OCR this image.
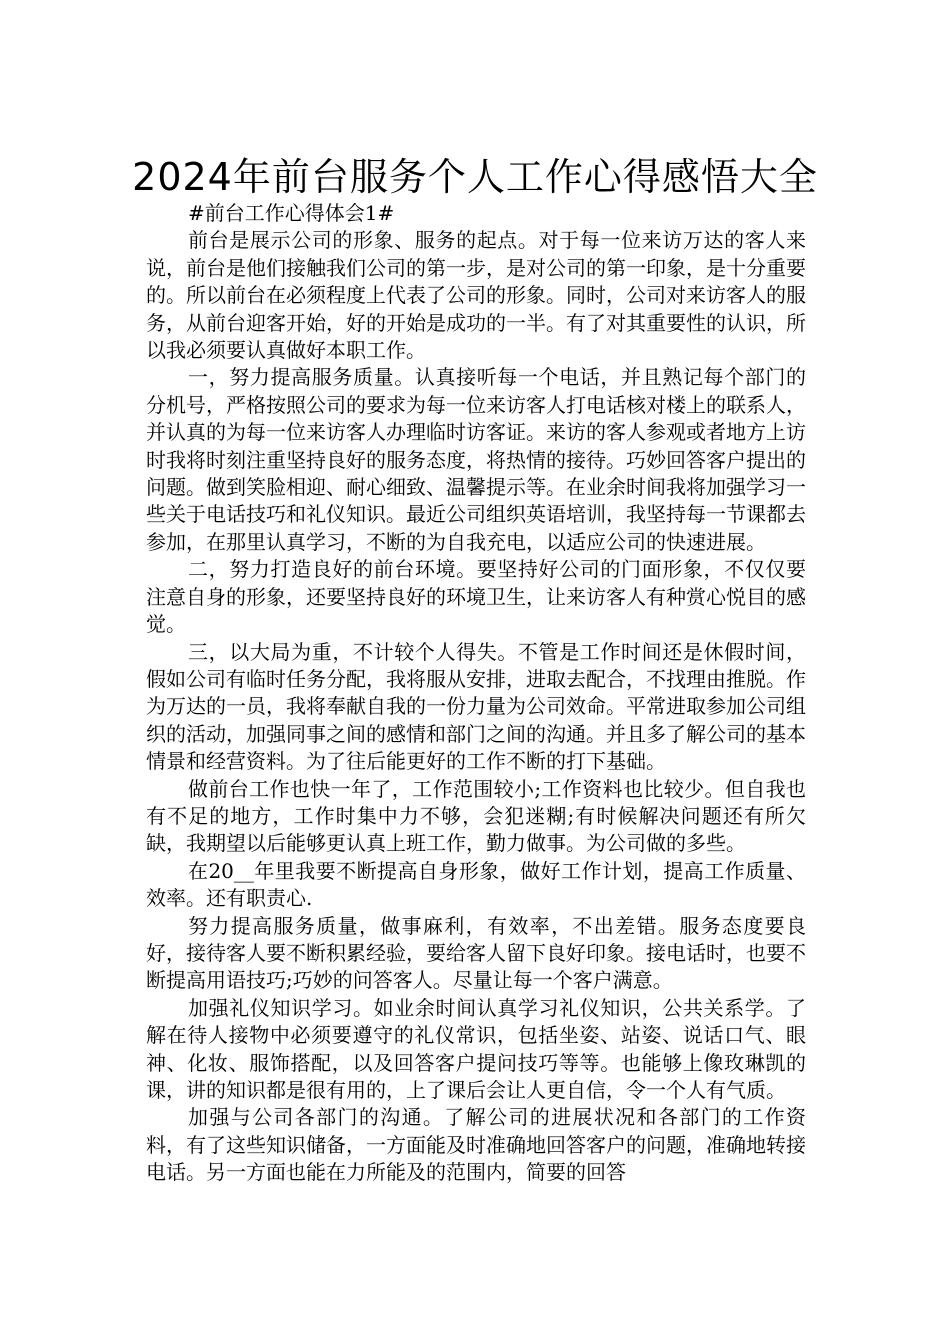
2024年前台服务个人工作心得感悟大全

#前台工作心得体会1#

前台是展示公司的形象、服务的起点。对于每一位来访万达的客人来说，前台是他们接触我们公司的第一步，是对公司的第一印象，是十分重要的。所以前台在必须程度上代表了公司的形象。同时，公司对来访客人的服务，从前台迎客开始，好的开始是成功的一半。有了对其重要性的认识，所以我必须要认真做好本职工作。

一，努力提高服务质量。认真接听每一个电话，并且熟记每个部门的分机号，严格按照公司的要求为每一位来访客人打电话核对楼上的联系人，并认真的为每一位来访客人办理临时访客证。来访的客人参观或者地方上访时我将时刻注重坚持良好的服务态度，将热情的接待。巧妙回答客户提出的问题。做到笑脸相迎、耐心细致、温馨提示等。在业余时间我将加强学习一些关于电话技巧和礼仪知识。最近公司组织英语培训，我坚持每一节课都去参加，在那里认真学习，不断的为自我充电，以适应公司的快速进展。

二，努力打造良好的前台环境。要坚持好公司的门面形象，不仅仅要注意自身的形象，还要坚持良好的环境卫生，让来访客人有种赏心悦目的感觉。

三，以大局为重，不计较个人得失。不管是工作时间还是休假时间，假如公司有临时任务分配，我将服从安排，进取去配合，不找理由推脱。作为万达的一员，我将奉献自我的一份力量为公司效命。平常进取参加公司组织的活动，加强同事之间的感情和部门之间的沟通。并且多了解公司的基本情景和经营资料。为了往后能更好的工作不断的打下基础。

做前台工作也快一年了，工作范围较小;工作资料也比较少。但自我也有不足的地方，工作时集中力不够，会犯迷糊;有时候解决问题还有所欠缺，我期望以后能够更认真上班工作，勤力做事。为公司做的多些。

在20__年里我要不断提高自身形象，做好工作计划，提高工作质量、效率。还有职责心.

努力提高服务质量，做事麻利，有效率，不出差错。服务态度要良好，接待客人要不断积累经验，要给客人留下良好印象。接电话时，也要不断提高用语技巧;巧妙的问答客人。尽量让每一个客户满意。

加强礼仪知识学习。如业余时间认真学习礼仪知识，公共关系学。了解在待人接物中必须要遵守的礼仪常识，包括坐姿、站姿、说话口气、眼神、化妆、服饰搭配，以及回答客户提问技巧等等。也能够上像玫琳凯的课，讲的知识都是很有用的，上了课后会让人更自信，令一个人有气质。

加强与公司各部门的沟通。了解公司的进展状况和各部门的工作资料，有了这些知识储备，一方面能及时准确地回答客户的问题，准确地转接电话。另一方面也能在力所能及的范围内，简要的回答
